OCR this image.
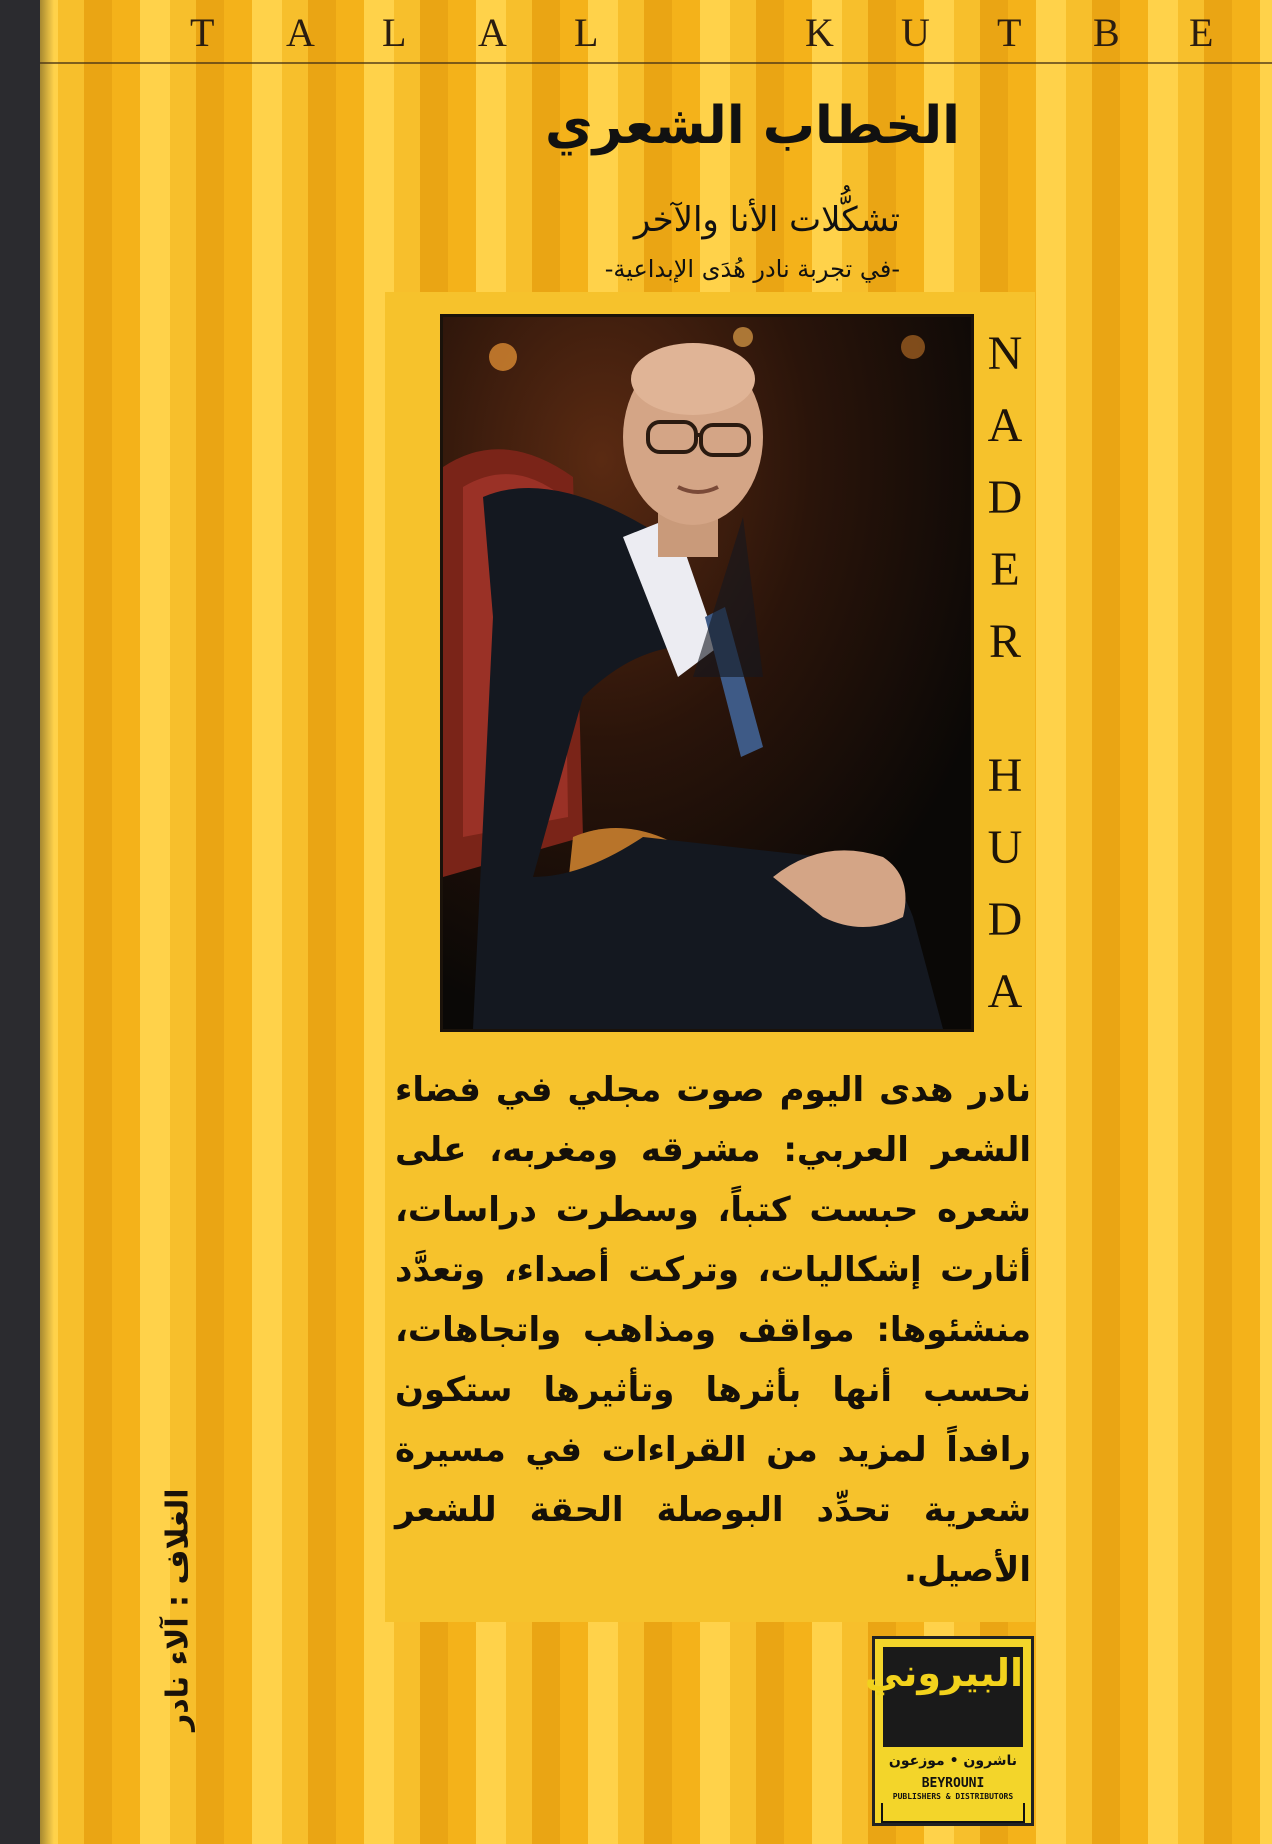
T A L A L	K U T B E
الخطاب الشعري
تشكُّلات الأنا والآخر
-في تجربة نادر هُدَى الإبداعية-
N
A
D
E
R
H
U
D
A
نادر هدى اليوم صوت مجلي في فضاء الشعر العربي: مشرقه ومغربه، على شعره حبست كتباً، وسطرت دراسات، أثارت إشكاليات، وتركت أصداء، وتعدَّد منشئوها: مواقف ومذاهب واتجاهات، نحسب أنها بأثرها وتأثيرها ستكون رافداً لمزيد من القراءات في مسيرة شعرية تحدِّد البوصلة الحقة للشعر الأصيل.
الغلاف : آلاء نادر	البيروني
ناشرون • موزعون
BEYROUNI
PUBLISHERS & DISTRIBUTORS
